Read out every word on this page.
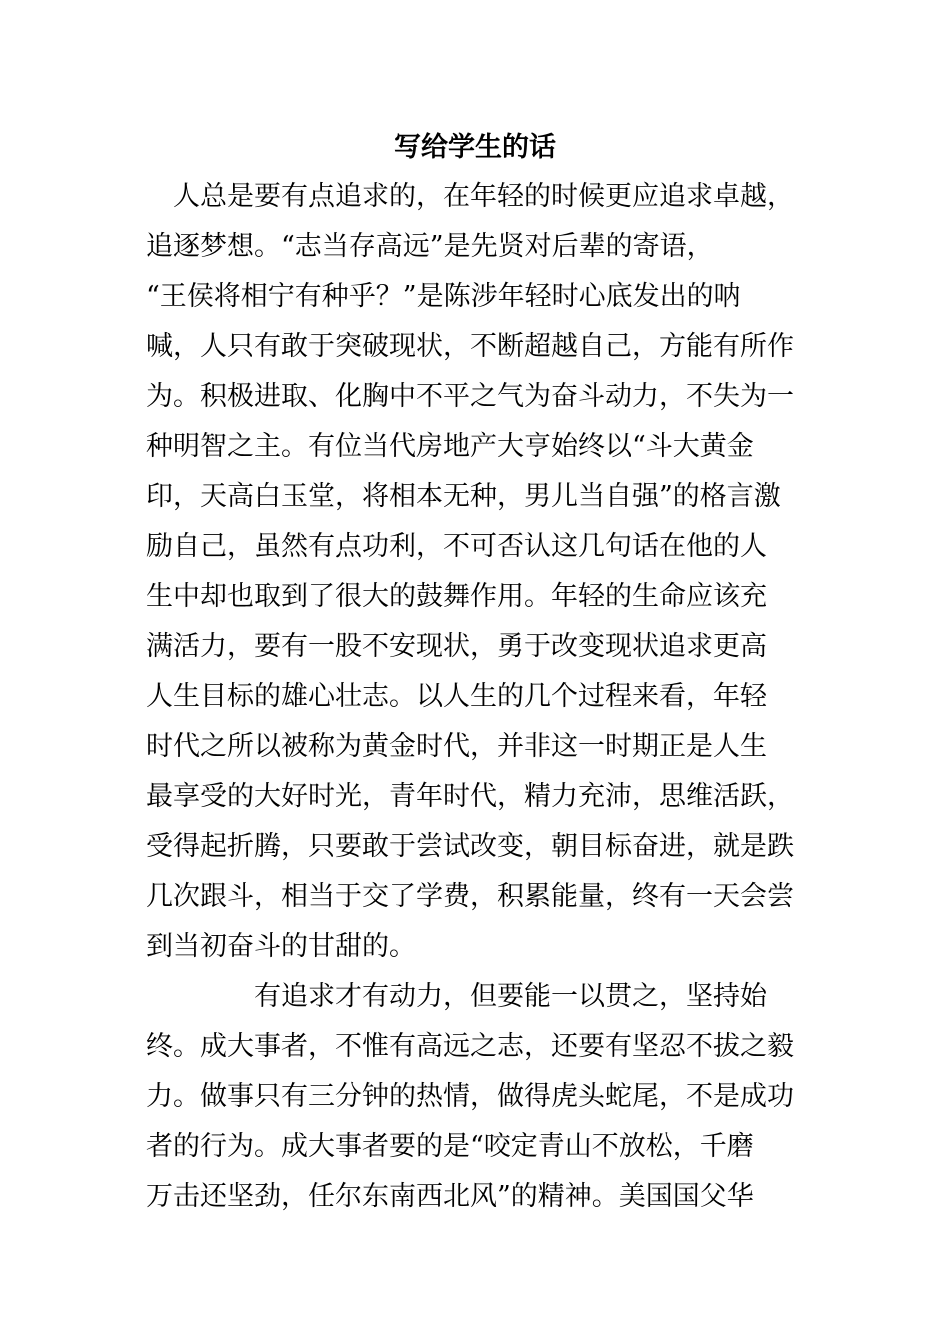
写给学生的话
　人总是要有点追求的，在年轻的时候更应追求卓越，
追逐梦想。“志当存高远”是先贤对后辈的寄语，
“王侯将相宁有种乎？”是陈涉年轻时心底发出的呐
喊，人只有敢于突破现状，不断超越自己，方能有所作
为。积极进取、化胸中不平之气为奋斗动力，不失为一
种明智之主。有位当代房地产大亨始终以“斗大黄金
印，天高白玉堂，将相本无种，男儿当自强”的格言激
励自己，虽然有点功利，不可否认这几句话在他的人
生中却也取到了很大的鼓舞作用。年轻的生命应该充
满活力，要有一股不安现状，勇于改变现状追求更高
人生目标的雄心壮志。以人生的几个过程来看，年轻
时代之所以被称为黄金时代，并非这一时期正是人生
最享受的大好时光，青年时代，精力充沛，思维活跃，
受得起折腾，只要敢于尝试改变，朝目标奋进，就是跌
几次跟斗，相当于交了学费，积累能量，终有一天会尝
到当初奋斗的甘甜的。
　　　　有追求才有动力，但要能一以贯之，坚持始
终。成大事者，不惟有高远之志，还要有坚忍不拔之毅
力。做事只有三分钟的热情，做得虎头蛇尾，不是成功
者的行为。成大事者要的是“咬定青山不放松，千磨
万击还坚劲，任尔东南西北风”的精神。美国国父华
